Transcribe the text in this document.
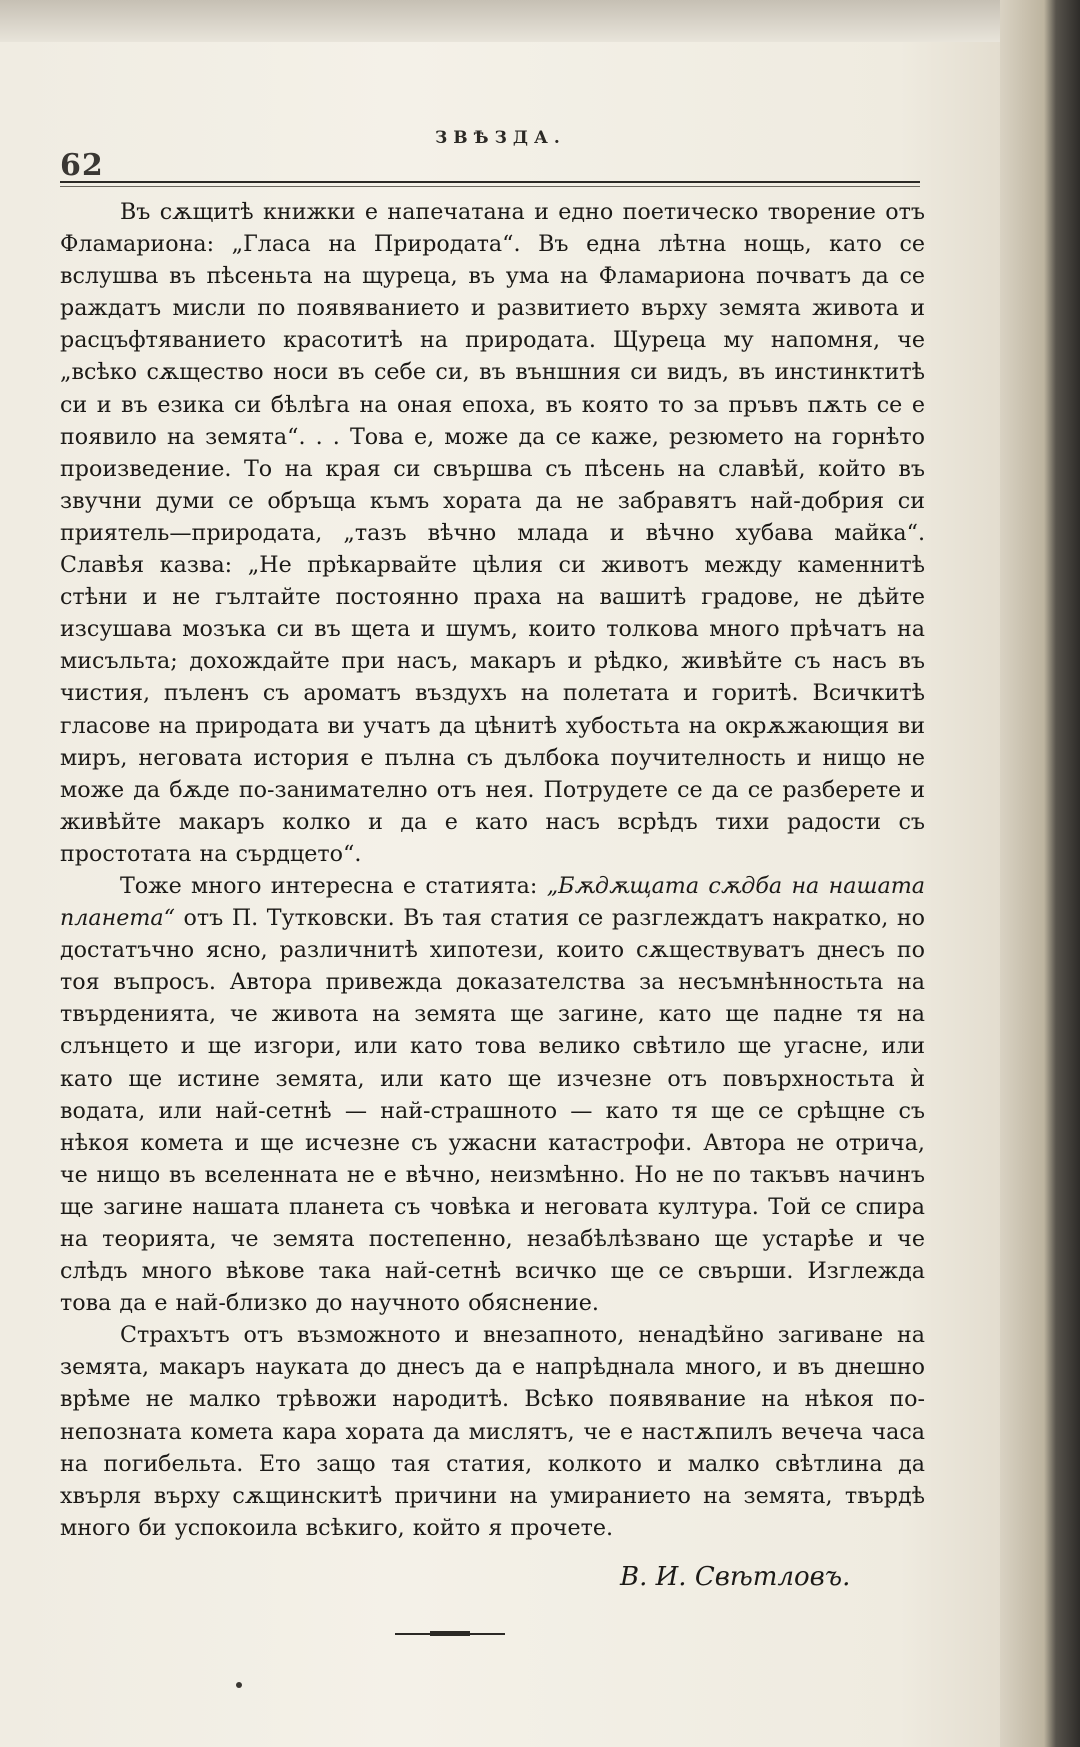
62
ЗВѢЗДА.

Въ сѫщитѣ книжки е напечатана и едно поетическо творение отъ Фламариона: „Гласа на Природата“. Въ една лѣтна нощь, като се вслушва въ пѣсеньта на щуреца, въ ума на Фламариона почватъ да се раждатъ мисли по появяванието и развитието върху земята живота и расцъфтяванието красотитѣ на природата. Щуреца му напомня, че „всѣко сѫщество носи въ себе си, въ външния си видъ, въ инстинктитѣ си и въ езика си бѣлѣга на оная епоха, въ която то за пръвъ пѫть се е появило на земята“. . . Това е, може да се каже, резюмето на горнѣто произведение. То на края си свършва съ пѣсень на славѣй, който въ звучни думи се обръща къмъ хората да не забравятъ най-добрия си приятель—природата, „тазъ вѣчно млада и вѣчно хубава майка“. Славѣя казва: „Не прѣкарвайте цѣлия си животъ между каменнитѣ стѣни и не гълтайте постоянно праха на вашитѣ градове, не дѣйте изсушава мозъка си въ щета и шумъ, които толкова много прѣчатъ на мисъльта; дохождайте при насъ, макаръ и рѣдко, живѣйте съ насъ въ чистия, пъленъ съ ароматъ въздухъ на полетата и горитѣ. Всичкитѣ гласове на природата ви учатъ да цѣнитѣ хубостьта на окрѫжающия ви миръ, неговата история е пълна съ дълбока поучителность и нищо не може да бѫде по-занимателно отъ нея. Потрудете се да се разберете и живѣйте макаръ колко и да е като насъ всрѣдъ тихи радости съ простотата на сърдцето“.

Тоже много интересна е статията: „Бѫдѫщата сѫдба на нашата планета“ отъ П. Тутковски. Въ тая статия се разглеждатъ накратко, но достатъчно ясно, различнитѣ хипотези, които сѫществуватъ днесъ по тоя въпросъ. Автора привежда доказателства за несъмнѣнностьта на твърденията, че живота на земята ще загине, като ще падне тя на слънцето и ще изгори, или като това велико свѣтило ще угасне, или като ще истине земята, или като ще изчезне отъ повърхностьта ѝ водата, или най-сетнѣ — най-страшното — като тя ще се срѣщне съ нѣкоя комета и ще исчезне съ ужасни катастрофи. Автора не отрича, че нищо въ вселенната не е вѣчно, неизмѣнно. Но не по такъвъ начинъ ще загине нашата планета съ човѣка и неговата култура. Той се спира на теорията, че земята постепенно, незабѣлѣзвано ще устарѣе и че слѣдъ много вѣкове така най-сетнѣ всичко ще се свърши. Изглежда това да е най-близко до научното обяснение.

Страхътъ отъ възможното и внезапното, ненадѣйно загиване на земята, макаръ науката до днесъ да е напрѣднала много, и въ днешно врѣме не малко трѣвожи народитѣ. Всѣко появявание на нѣкоя по-непозната комета кара хората да мислятъ, че е настѫпилъ вечеча часа на погибельта. Ето защо тая статия, колкото и малко свѣтлина да хвърля върху сѫщинскитѣ причини на умиранието на земята, твърдѣ много би успокоила всѣкиго, който я прочете.

В. И. Свѣтловъ.
